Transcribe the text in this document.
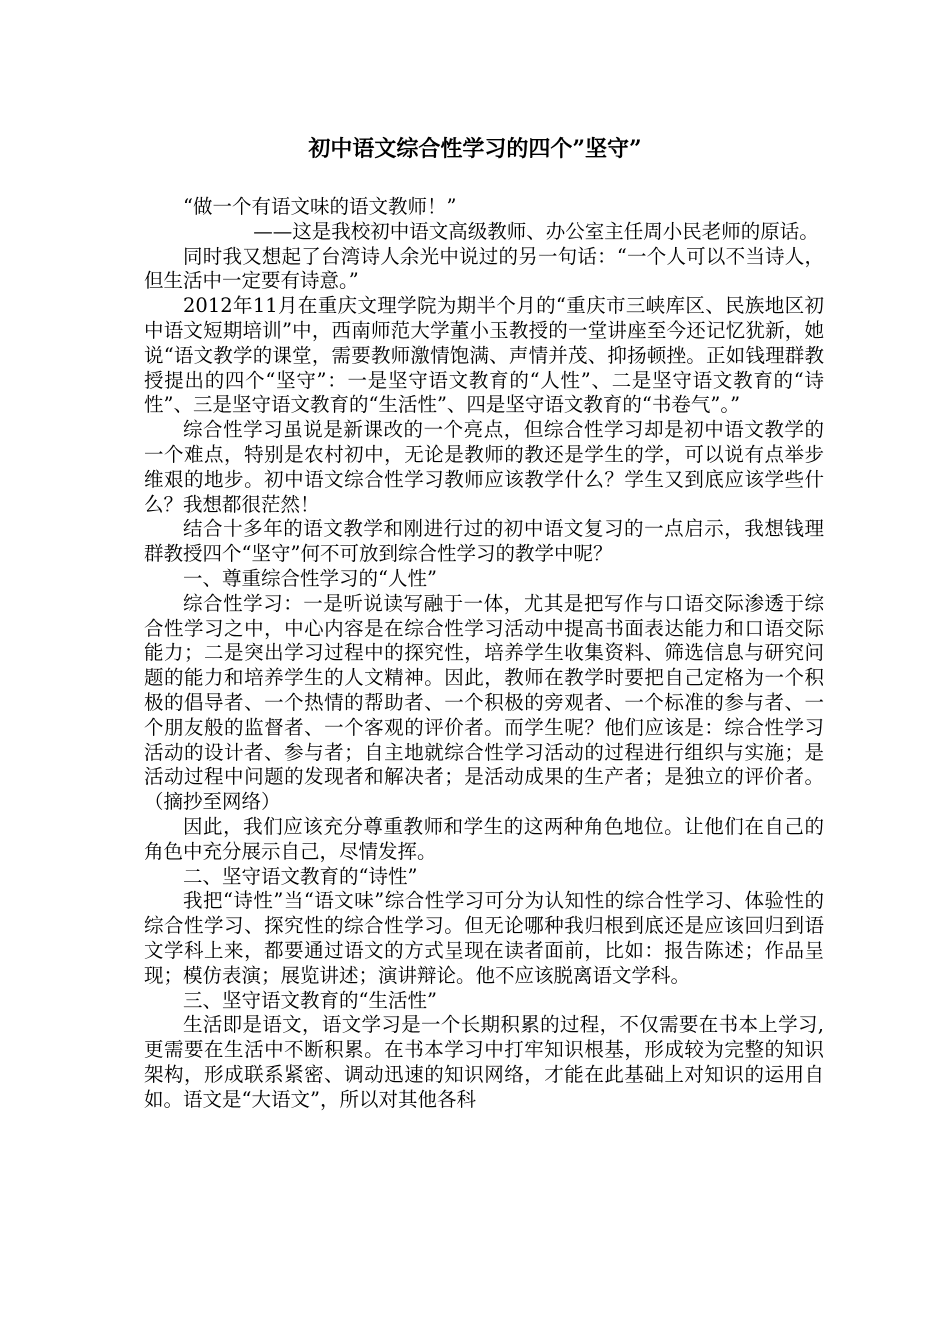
初中语文综合性学习的四个”坚守”

“做一个有语文味的语文教师！”

——这是我校初中语文高级教师、办公室主任周小民老师的原话。

同时我又想起了台湾诗人余光中说过的另一句话：“一个人可以不当诗人，但生活中一定要有诗意。”

2012年11月在重庆文理学院为期半个月的“重庆市三峡库区、民族地区初中语文短期培训”中，西南师范大学董小玉教授的一堂讲座至今还记忆犹新，她说“语文教学的课堂，需要教师激情饱满、声情并茂、抑扬顿挫。正如钱理群教授提出的四个“坚守”：一是坚守语文教育的“人性”、二是坚守语文教育的“诗性”、三是坚守语文教育的“生活性”、四是坚守语文教育的“书卷气”。”

综合性学习虽说是新课改的一个亮点，但综合性学习却是初中语文教学的一个难点，特别是农村初中，无论是教师的教还是学生的学，可以说有点举步维艰的地步。初中语文综合性学习教师应该教学什么？学生又到底应该学些什么？我想都很茫然！

结合十多年的语文教学和刚进行过的初中语文复习的一点启示，我想钱理群教授四个“坚守”何不可放到综合性学习的教学中呢？

一、尊重综合性学习的“人性”

综合性学习：一是听说读写融于一体，尤其是把写作与口语交际渗透于综合性学习之中，中心内容是在综合性学习活动中提高书面表达能力和口语交际能力；二是突出学习过程中的探究性，培养学生收集资料、筛选信息与研究问题的能力和培养学生的人文精神。因此，教师在教学时要把自己定格为一个积极的倡导者、一个热情的帮助者、一个积极的旁观者、一个标准的参与者、一个朋友般的监督者、一个客观的评价者。而学生呢？他们应该是：综合性学习活动的设计者、参与者；自主地就综合性学习活动的过程进行组织与实施；是活动过程中问题的发现者和解决者；是活动成果的生产者；是独立的评价者。（摘抄至网络）

因此，我们应该充分尊重教师和学生的这两种角色地位。让他们在自己的角色中充分展示自己，尽情发挥。

二、坚守语文教育的“诗性”

我把“诗性”当“语文味”综合性学习可分为认知性的综合性学习、体验性的综合性学习、探究性的综合性学习。但无论哪种我归根到底还是应该回归到语文学科上来，都要通过语文的方式呈现在读者面前，比如：报告陈述；作品呈现；模仿表演；展览讲述；演讲辩论。他不应该脱离语文学科。

三、坚守语文教育的“生活性”

生活即是语文，语文学习是一个长期积累的过程，不仅需要在书本上学习,更需要在生活中不断积累。在书本学习中打牢知识根基，形成较为完整的知识架构，形成联系紧密、调动迅速的知识网络，才能在此基础上对知识的运用自如。语文是“大语文”，所以对其他各科
